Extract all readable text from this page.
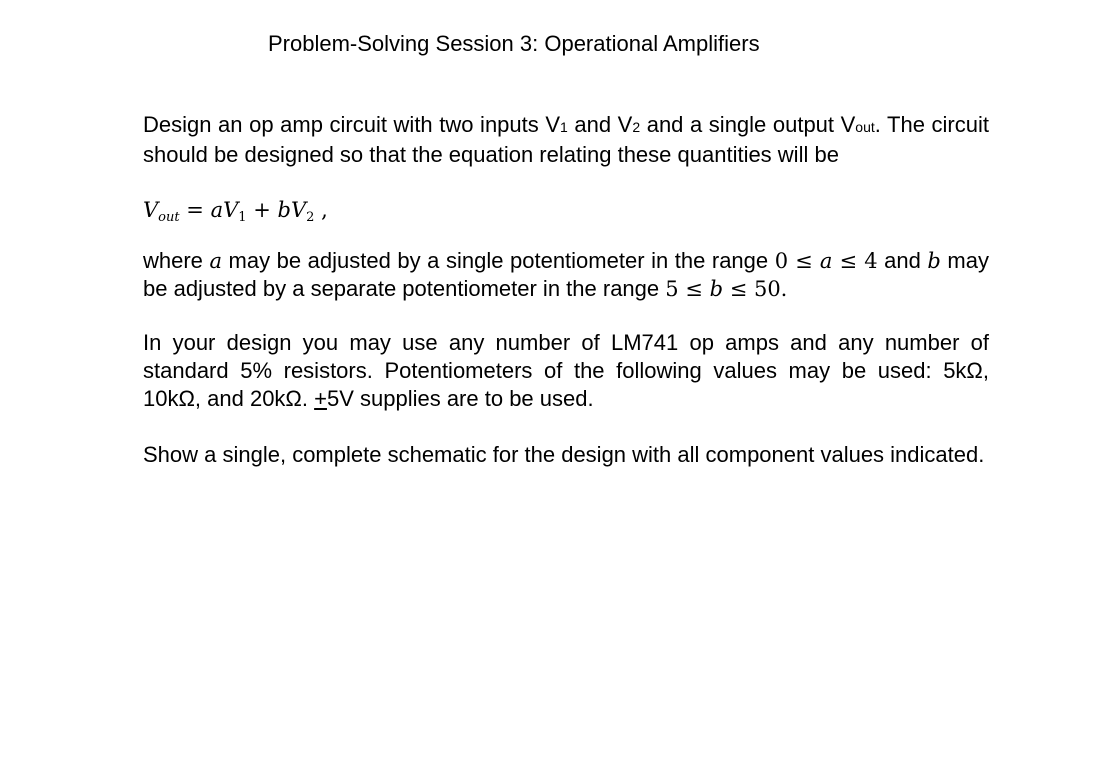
Problem-Solving Session 3: Operational Amplifiers
Design an op amp circuit with two inputs V1 and V2 and a single output Vout. The circuit should be designed so that the equation relating these quantities will be
$V_{out} = aV_1 + bV_2$ ,
where a may be adjusted by a single potentiometer in the range 0 ≤ a ≤ 4 and b may be adjusted by a separate potentiometer in the range 5 ≤ b ≤ 50.
In your design you may use any number of LM741 op amps and any number of standard 5% resistors. Potentiometers of the following values may be used: 5kΩ, 10kΩ, and 20kΩ. +5V supplies are to be used.
Show a single, complete schematic for the design with all component values indicated.
